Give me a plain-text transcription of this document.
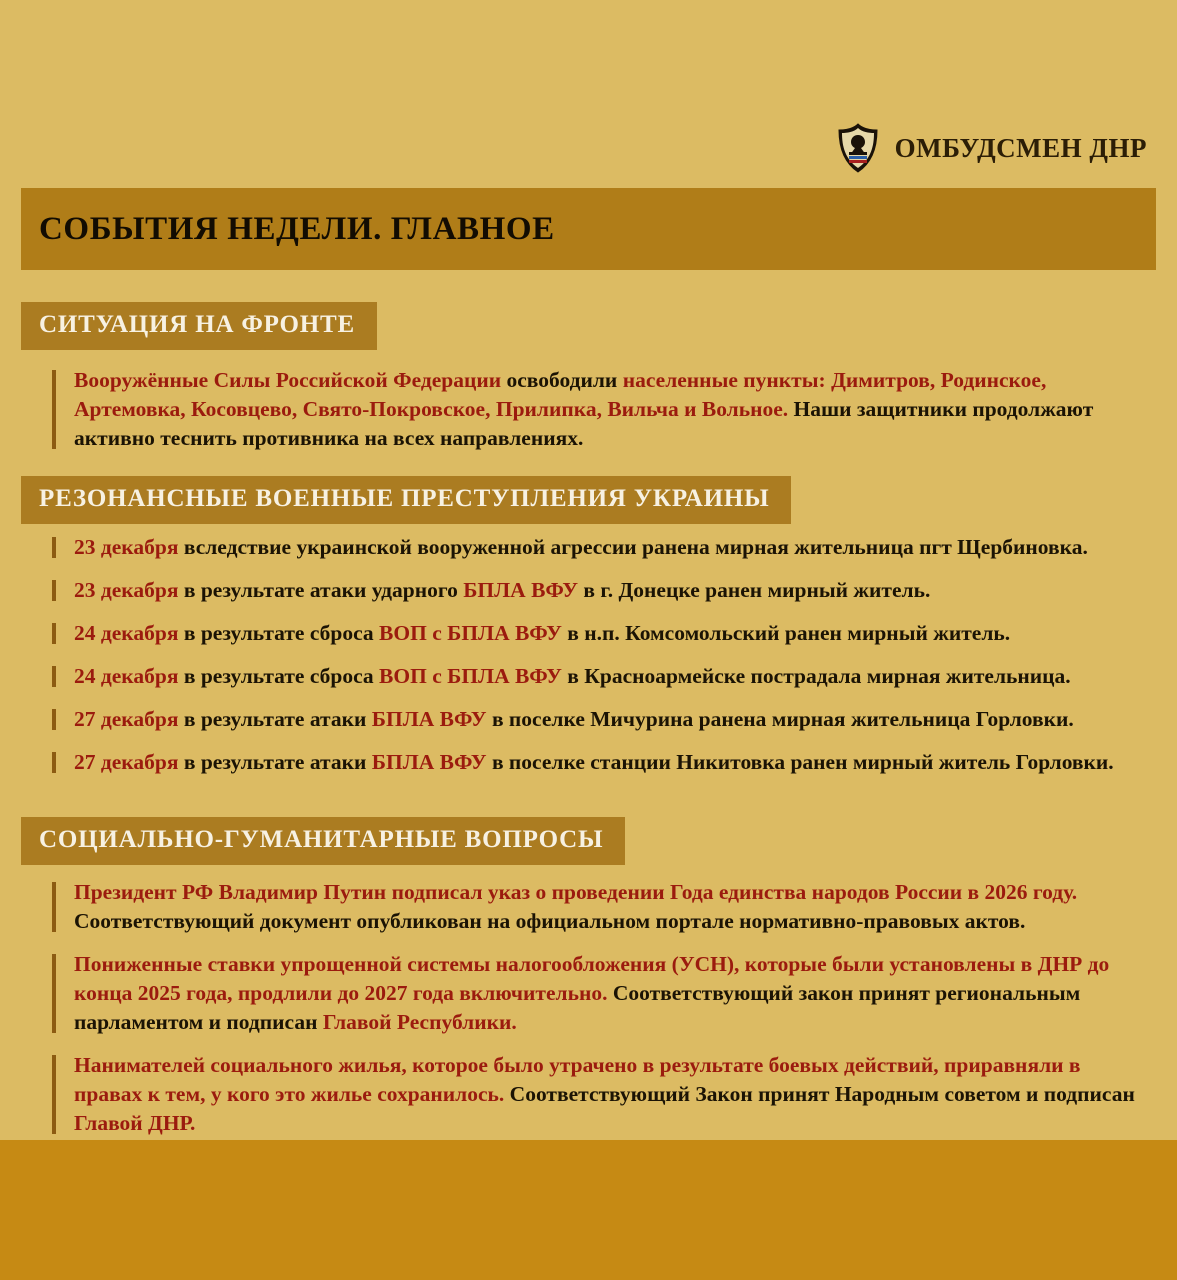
ОМБУДСМЕН ДНР
СОБЫТИЯ НЕДЕЛИ. ГЛАВНОЕ
СИТУАЦИЯ НА ФРОНТЕ

Вооружённые Силы Российской Федерации освободили населенные пункты: Димитров, Родинское, Артемовка, Косовцево, Свято-Покровское, Прилипка, Вильча и Вольное. Наши защитники продолжают активно теснить противника на всех направлениях.

РЕЗОНАНСНЫЕ ВОЕННЫЕ ПРЕСТУПЛЕНИЯ УКРАИНЫ

23 декабря вследствие украинской вооруженной агрессии ранена мирная жительница пгт Щербиновка.

23 декабря в результате атаки ударного БПЛА ВФУ в г. Донецке ранен мирный житель.

24 декабря в результате сброса ВОП с БПЛА ВФУ в н.п. Комсомольский ранен мирный житель.

24 декабря в результате сброса ВОП с БПЛА ВФУ в Красноармейске пострадала мирная жительница.

27 декабря в результате атаки БПЛА ВФУ в поселке Мичурина ранена мирная жительница Горловки.

27 декабря в результате атаки БПЛА ВФУ в поселке станции Никитовка ранен мирный житель Горловки.

СОЦИАЛЬНО-ГУМАНИТАРНЫЕ ВОПРОСЫ

Президент РФ Владимир Путин подписал указ о проведении Года единства народов России в 2026 году. Соответствующий документ опубликован на официальном портале нормативно-правовых актов.

Пониженные ставки упрощенной системы налогообложения (УСН), которые были установлены в ДНР до конца 2025 года, продлили до 2027 года включительно. Соответствующий закон принят региональным парламентом и подписан Главой Республики.

Нанимателей социального жилья, которое было утрачено в результате боевых действий, приравняли в правах к тем, у кого это жилье сохранилось. Соответствующий Закон принят Народным советом и подписан Главой ДНР.
